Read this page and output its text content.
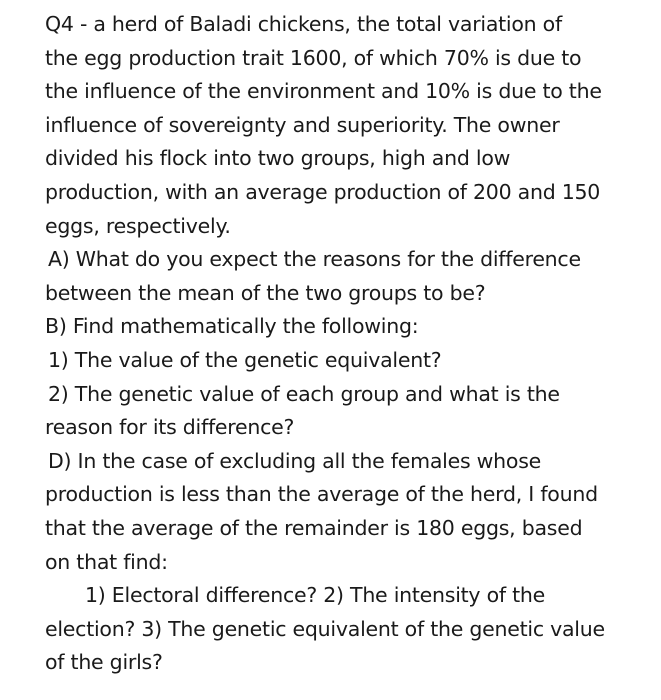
Q4 - a herd of Baladi chickens, the total variation of
the egg production trait 1600, of which 70% is due to
the influence of the environment and 10% is due to the
influence of sovereignty and superiority. The owner
divided his flock into two groups, high and low
production, with an average production of 200 and 150
eggs, respectively.
A) What do you expect the reasons for the difference
between the mean of the two groups to be?
B) Find mathematically the following:
1) The value of the genetic equivalent?
2) The genetic value of each group and what is the
reason for its difference?
D) In the case of excluding all the females whose
production is less than the average of the herd, I found
that the average of the remainder is 180 eggs, based
on that find:
1) Electoral difference? 2) The intensity of the
election? 3) The genetic equivalent of the genetic value
of the girls?
